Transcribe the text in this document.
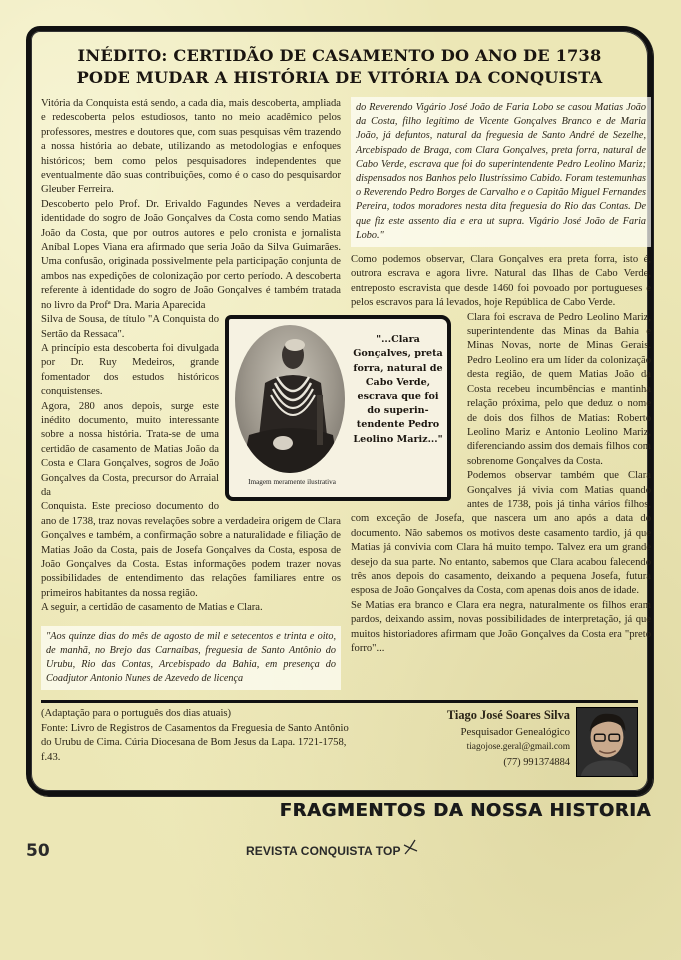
INÉDITO: CERTIDÃO DE CASAMENTO DO ANO DE 1738
PODE MUDAR A HISTÓRIA DE VITÓRIA DA CONQUISTA

Vitória da Conquista está sendo, a cada dia, mais descoberta, ampliada e redescoberta pelos estudiosos, tanto no meio acadêmico pelos professores, mestres e doutores que, com suas pesquisas vêm trazendo a nossa história ao debate, utilizando as metodologias e enfoques históricos; bem como pelos pesquisadores independentes que eventualmente dão suas contribuições, como é o caso do pesquisardor Gleuber Ferreira.

Descoberto pelo Prof. Dr. Erivaldo Fagundes Neves a verdadeira identidade do sogro de João Gonçalves da Costa como sendo Matias João da Costa, que por outros autores e pelo cronista e jornalista Aníbal Lopes Viana era afirmado que seria João da Silva Guimarães. Uma confusão, originada possivelmente pela participação conjunta de ambos nas expedições de colonização por certo período. A descoberta referente à identidade do sogro de João Gonçalves é também tratada no livro da Profª Dra. Maria Aparecida

Imagem meramente ilustrativa
"...Clara Gonçalves, preta forra, natural de Cabo Verde, escrava que foi do superin-tendente Pedro Leolino Mariz..."

Silva de Sousa, de título "A Conquista do Sertão da Ressaca".

A princípio esta descoberta foi divulgada por Dr. Ruy Medeiros, grande fomentador dos estudos históricos conquistenses.

Agora, 280 anos depois, surge este inédito documento, muito interessante sobre a nossa história. Trata-se de uma certidão de casamento de Matias João da Costa e Clara Gonçalves, sogros de João Gonçalves da Costa, precursor do Arraial da

Conquista. Este precioso documento do ano de 1738, traz novas revelações sobre a verdadeira origem de Clara Gonçalves e também, a confirmação sobre a naturalidade e filiação de Matias João da Costa, pais de Josefa Gonçalves da Costa, esposa de João Gonçalves da Costa. Estas informações podem trazer novas possibilidades de entendimento das relações familiares entre os primeiros habitantes da nossa região.

A seguir, a certidão de casamento de Matias e Clara.

"Aos quinze dias do mês de agosto de mil e setecentos e trinta e oito, de manhã, no Brejo das Carnaíbas, freguesia de Santo Antônio do Urubu, Rio das Contas, Arcebispado da Bahia, em presença do Coadjutor Antonio Nunes de Azevedo de licença
do Reverendo Vigário José João de Faria Lobo se casou Matias João da Costa, filho legítimo de Vicente Gonçalves Branco e de Maria João, já defuntos, natural da freguesia de Santo André de Sezelhe, Arcebispado de Braga, com Clara Gonçalves, preta forra, natural de Cabo Verde, escrava que foi do superintendente Pedro Leolino Mariz; dispensados nos Banhos pelo Ilustríssimo Cabido. Foram testemunhas o Reverendo Pedro Borges de Carvalho e o Capitão Miguel Fernandes Pereira, todos moradores nesta dita freguesia do Rio das Contas. De que fiz este assento dia e era ut supra. Vigário José João de Faria Lobo."

Como podemos observar, Clara Gonçalves era preta forra, isto é, outrora escrava e agora livre. Natural das Ilhas de Cabo Verde, entreposto escravista que desde 1460 foi povoado por portugueses e pelos escravos para lá levados, hoje República de Cabo Verde.

Clara foi escrava de Pedro Leolino Mariz, superintendente das Minas da Bahia e Minas Novas, norte de Minas Gerais. Pedro Leolino era um líder da colonização desta região, de quem Matias João da Costa recebeu incumbências e mantinha relação próxima, pelo que deduz o nome de dois dos filhos de Matias: Roberto Leolino Mariz e Antonio Leolino Mariz, diferenciando assim dos demais filhos com sobrenome Gonçalves da Costa.

Podemos observar também que Clara Gonçalves já vivia com Matias quando antes de 1738, pois já tinha vários filhos, com exceção de Josefa, que nascera um ano após a data do documento. Não sabemos os motivos deste casamento tardio, já que Matias já convivia com Clara há muito tempo. Talvez era um grande desejo da sua parte. No entanto, sabemos que Clara acabou falecendo três anos depois do casamento, deixando a pequena Josefa, futura esposa de João Gonçalves da Costa, com apenas dois anos de idade.

Se Matias era branco e Clara era negra, naturalmente os filhos eram pardos, deixando assim, novas possibilidades de interpretação, já que muitos historiadores afirmam que João Gonçalves da Costa era "preto forro"...

(Adaptação para o português dos dias atuais)
Fonte: Livro de Registros de Casamentos da Freguesia de Santo Antônio do Urubu de Cima. Cúria Diocesana de Bom Jesus da Lapa. 1721-1758, f.43.
Tiago José Soares Silva
Pesquisador Genealógico
tiagojose.geral@gmail.com
(77) 991374884
FRAGMENTOS DA NOSSA HISTORIA
50	REVISTA CONQUISTA TOP
